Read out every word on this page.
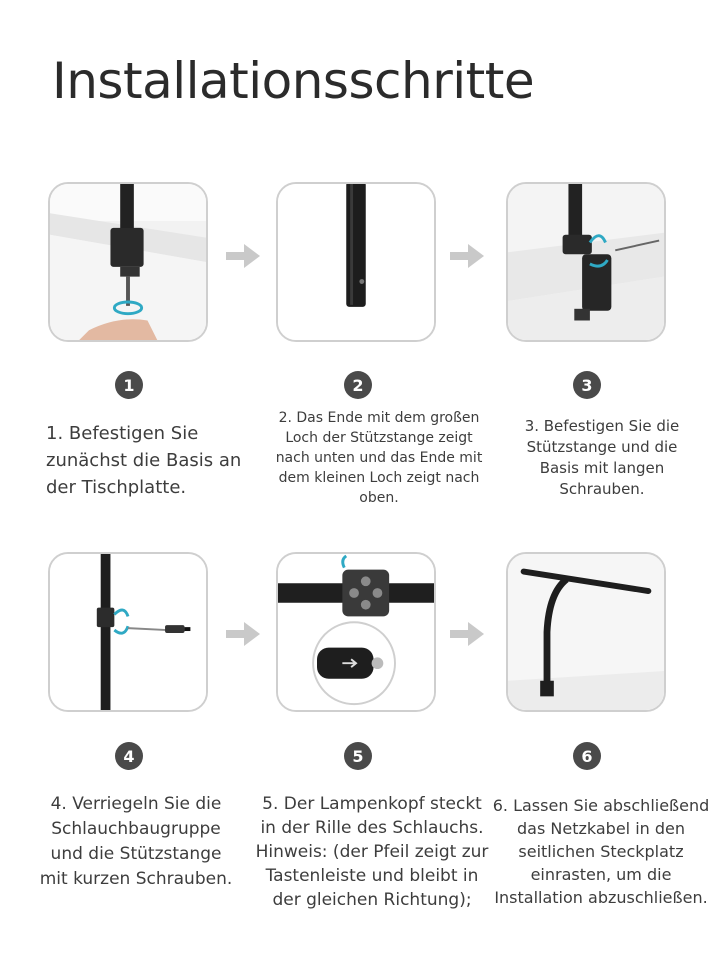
Installationsschritte
1	2	3
1. Befestigen Sie zunächst die Basis an der Tischplatte.
2. Das Ende mit dem großen Loch der Stützstange zeigt nach unten und das Ende mit dem kleinen Loch zeigt nach oben.
3. Befestigen Sie die Stützstange und die Basis mit langen Schrauben.
4	5	6
4. Verriegeln Sie die Schlauchbaugruppe und die Stützstange mit kurzen Schrauben.
5. Der Lampenkopf steckt in der Rille des Schlauchs. Hinweis: (der Pfeil zeigt zur Tastenleiste und bleibt in der gleichen Richtung);
6. Lassen Sie abschließend das Netzkabel in den seitlichen Steckplatz einrasten, um die Installation abzuschließen.
